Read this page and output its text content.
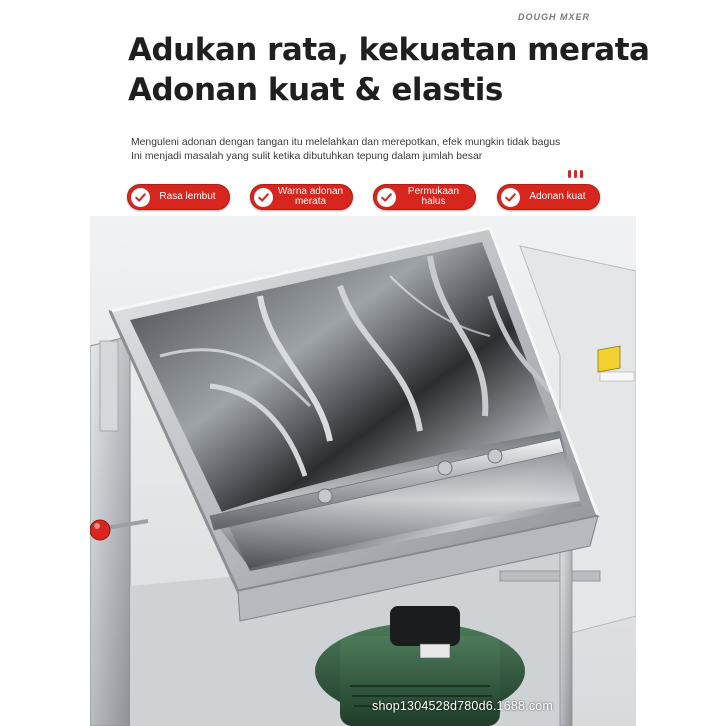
DOUGH MXER
Adukan rata, kekuatan merata
Adonan kuat & elastis
Menguleni adonan dengan tangan itu melelahkan dan merepotkan, efek mungkin tidak bagus
Ini menjadi masalah yang sulit ketika dibutuhkan tepung dalam jumlah besar
Rasa lembut	Warna adonan merata
Permukaan halus	Adonan kuat
shop1304528d780d6.1688.com
